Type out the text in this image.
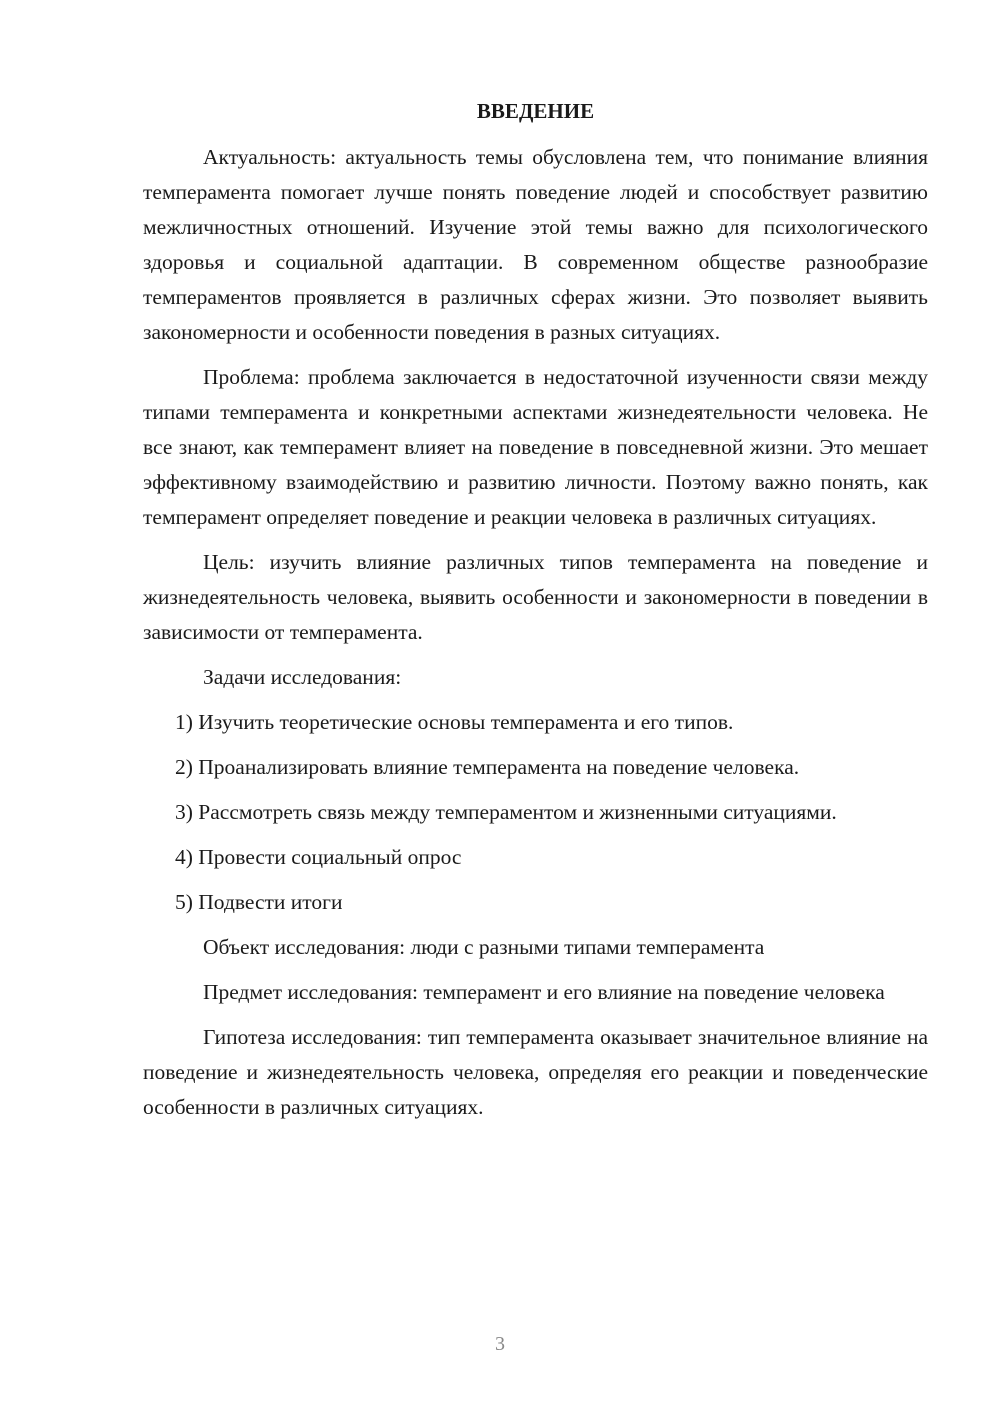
ВВЕДЕНИЕ

Актуальность: актуальность темы обусловлена тем, что понимание влияния темперамента помогает лучше понять поведение людей и способствует развитию межличностных отношений. Изучение этой темы важно для психологического здоровья и социальной адаптации. В современном обществе разнообразие темпераментов проявляется в различных сферах жизни. Это позволяет выявить закономерности и особенности поведения в разных ситуациях.

Проблема: проблема заключается в недостаточной изученности связи между типами темперамента и конкретными аспектами жизнедеятельности человека. Не все знают, как темперамент влияет на поведение в повседневной жизни. Это мешает эффективному взаимодействию и развитию личности. Поэтому важно понять, как темперамент определяет поведение и реакции человека в различных ситуациях.

Цель: изучить влияние различных типов темперамента на поведение и жизнедеятельность человека, выявить особенности и закономерности в поведении в зависимости от темперамента.

Задачи исследования:

1) Изучить теоретические основы темперамента и его типов.

2) Проанализировать влияние темперамента на поведение человека.

3) Рассмотреть связь между темпераментом и жизненными ситуациями.

4) Провести социальный опрос

5) Подвести итоги

Объект исследования: люди с разными типами темперамента

Предмет исследования: темперамент и его влияние на поведение человека

Гипотеза исследования: тип темперамента оказывает значительное влияние на поведение и жизнедеятельность человека, определяя его реакции и поведенческие особенности в различных ситуациях.

3
